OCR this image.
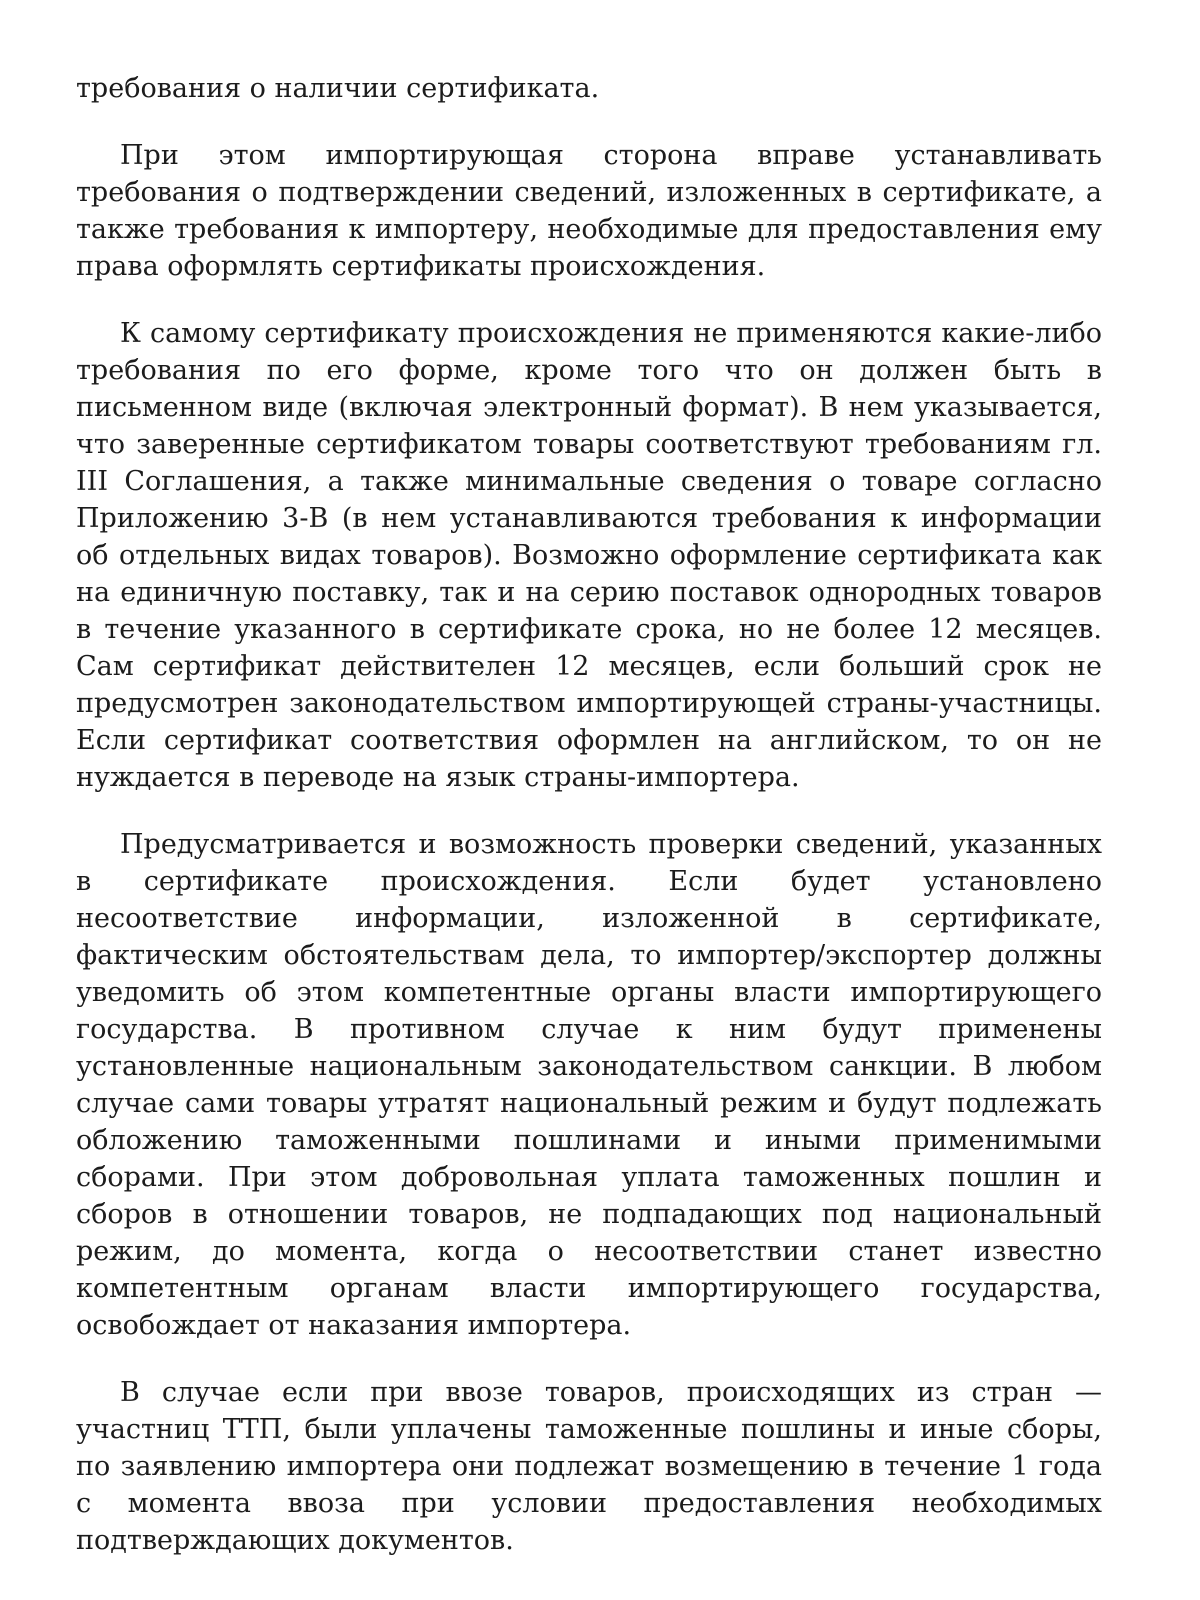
требования о наличии сертификата.

При этом импортирующая сторона вправе устанавливать требования о подтверждении сведений, изложенных в сертификате, а также требования к импортеру, необходимые для предоставления ему права оформлять сертификаты происхождения.

К самому сертификату происхождения не применяются какие-либо требования по его форме, кроме того что он должен быть в письменном виде (включая электронный формат). В нем указывается, что заверенные сертификатом товары соответствуют требованиям гл. III Соглашения, а также минимальные сведения о товаре согласно Приложению 3-В (в нем устанавливаются требования к информации об отдельных видах товаров). Возможно оформление сертификата как на единичную поставку, так и на серию поставок однородных товаров в течение указанного в сертификате срока, но не более 12 месяцев. Сам сертификат действителен 12 месяцев, если больший срок не предусмотрен законодательством импортирующей страны-участницы. Если сертификат соответствия оформлен на английском, то он не нуждается в переводе на язык страны-импортера.

Предусматривается и возможность проверки сведений, указанных в сертификате происхождения. Если будет установлено несоответствие информации, изложенной в сертификате, фактическим обстоятельствам дела, то импортер/экспортер должны уведомить об этом компетентные органы власти импортирующего государства. В противном случае к ним будут применены установленные национальным законодательством санкции. В любом случае сами товары утратят национальный режим и будут подлежать обложению таможенными пошлинами и иными применимыми сборами. При этом добровольная уплата таможенных пошлин и сборов в отношении товаров, не подпадающих под национальный режим, до момента, когда о несоответствии станет известно компетентным органам власти импортирующего государства, освобождает от наказания импортера.

В случае если при ввозе товаров, происходящих из стран — участниц ТТП, были уплачены таможенные пошлины и иные сборы, по заявлению импортера они подлежат возмещению в течение 1 года с момента ввоза при условии предоставления необходимых подтверждающих документов.
